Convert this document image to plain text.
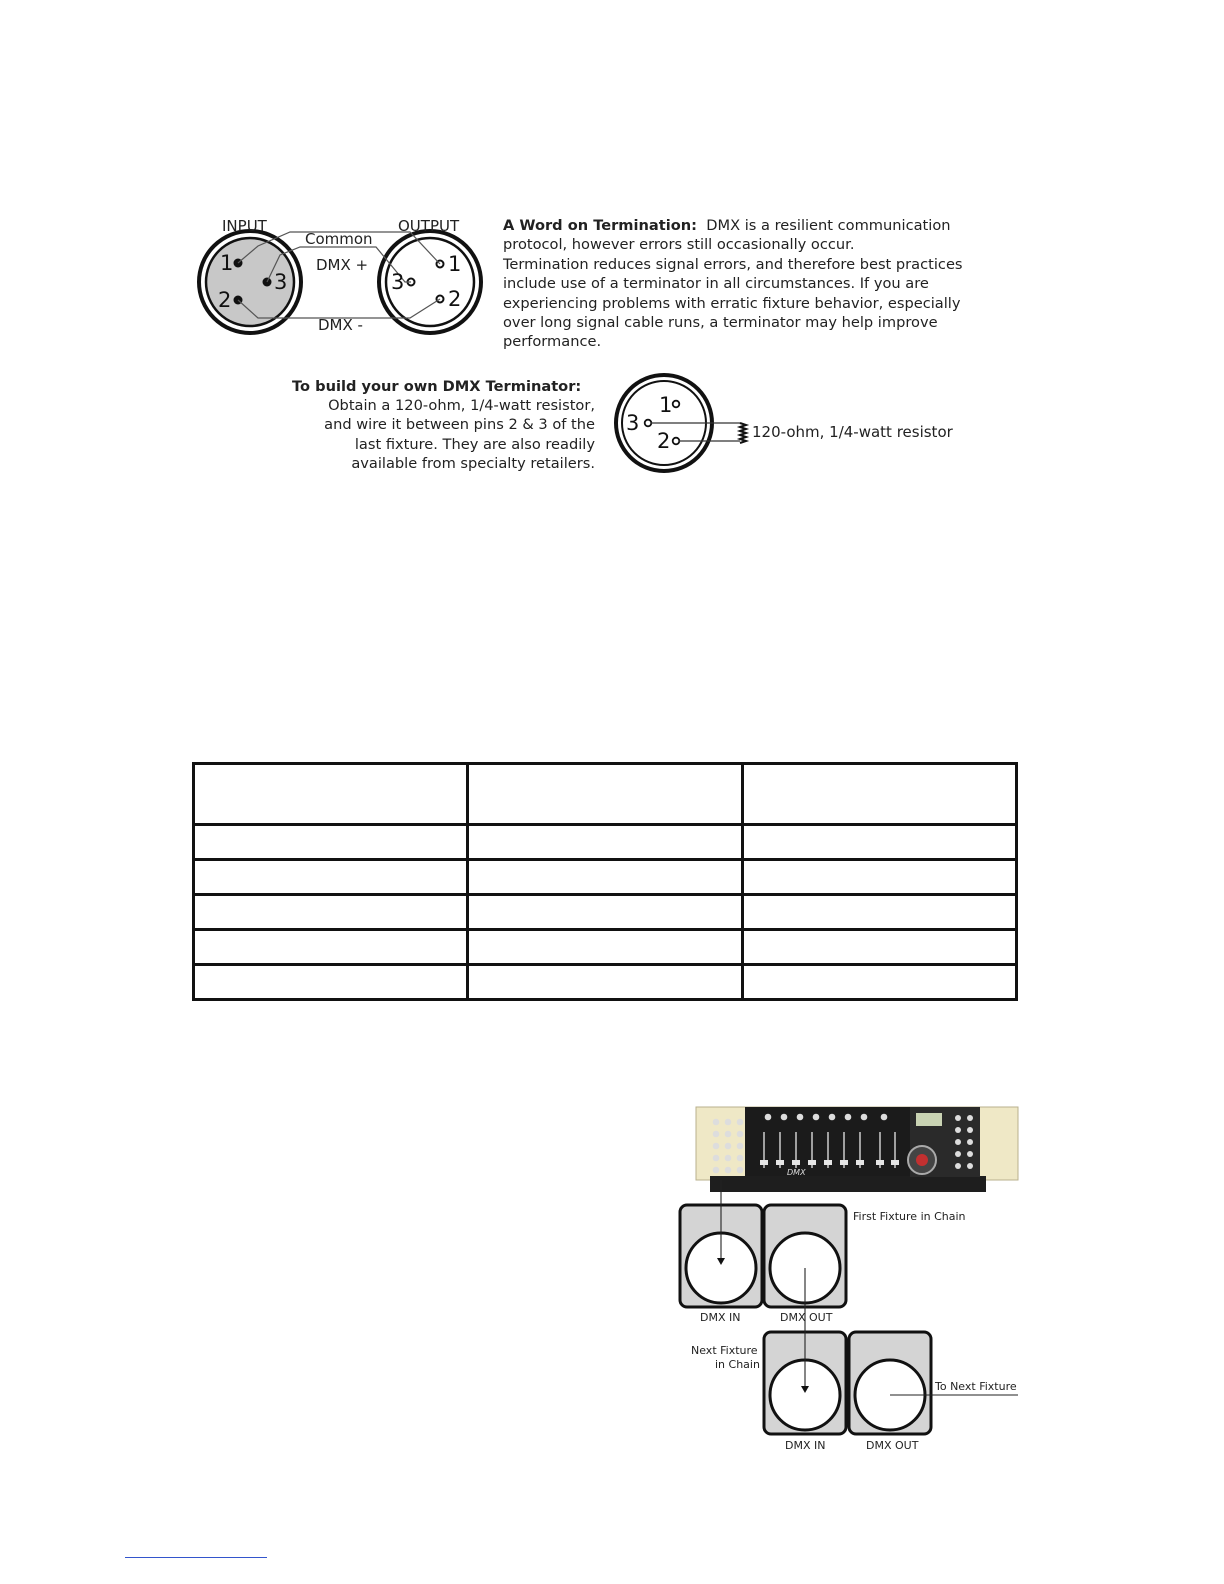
INPUT	OUTPUT
Common
DMX +
DMX -
1
3
2
1
3
2

A Word on Termination: DMX is a resilient communication

protocol, however errors still occasionally occur.

Termination reduces signal errors, and therefore best practices

include use of a terminator in all circumstances. If you are

experiencing problems with erratic fixture behavior, especially

over long signal cable runs, a terminator may help improve

performance.

To build your own DMX Terminator:

Obtain a 120-ohm, 1/4-watt resistor,

and wire it between pins 2 & 3 of the

last fixture. They are also readily

available from specialty retailers.

1
3
2	120-ohm, 1/4-watt resistor

DMX
First Fixture in Chain
Next Fixture
in Chain
To Next Fixture
DMX IN	DMX OUT
DMX IN	DMX OUT
